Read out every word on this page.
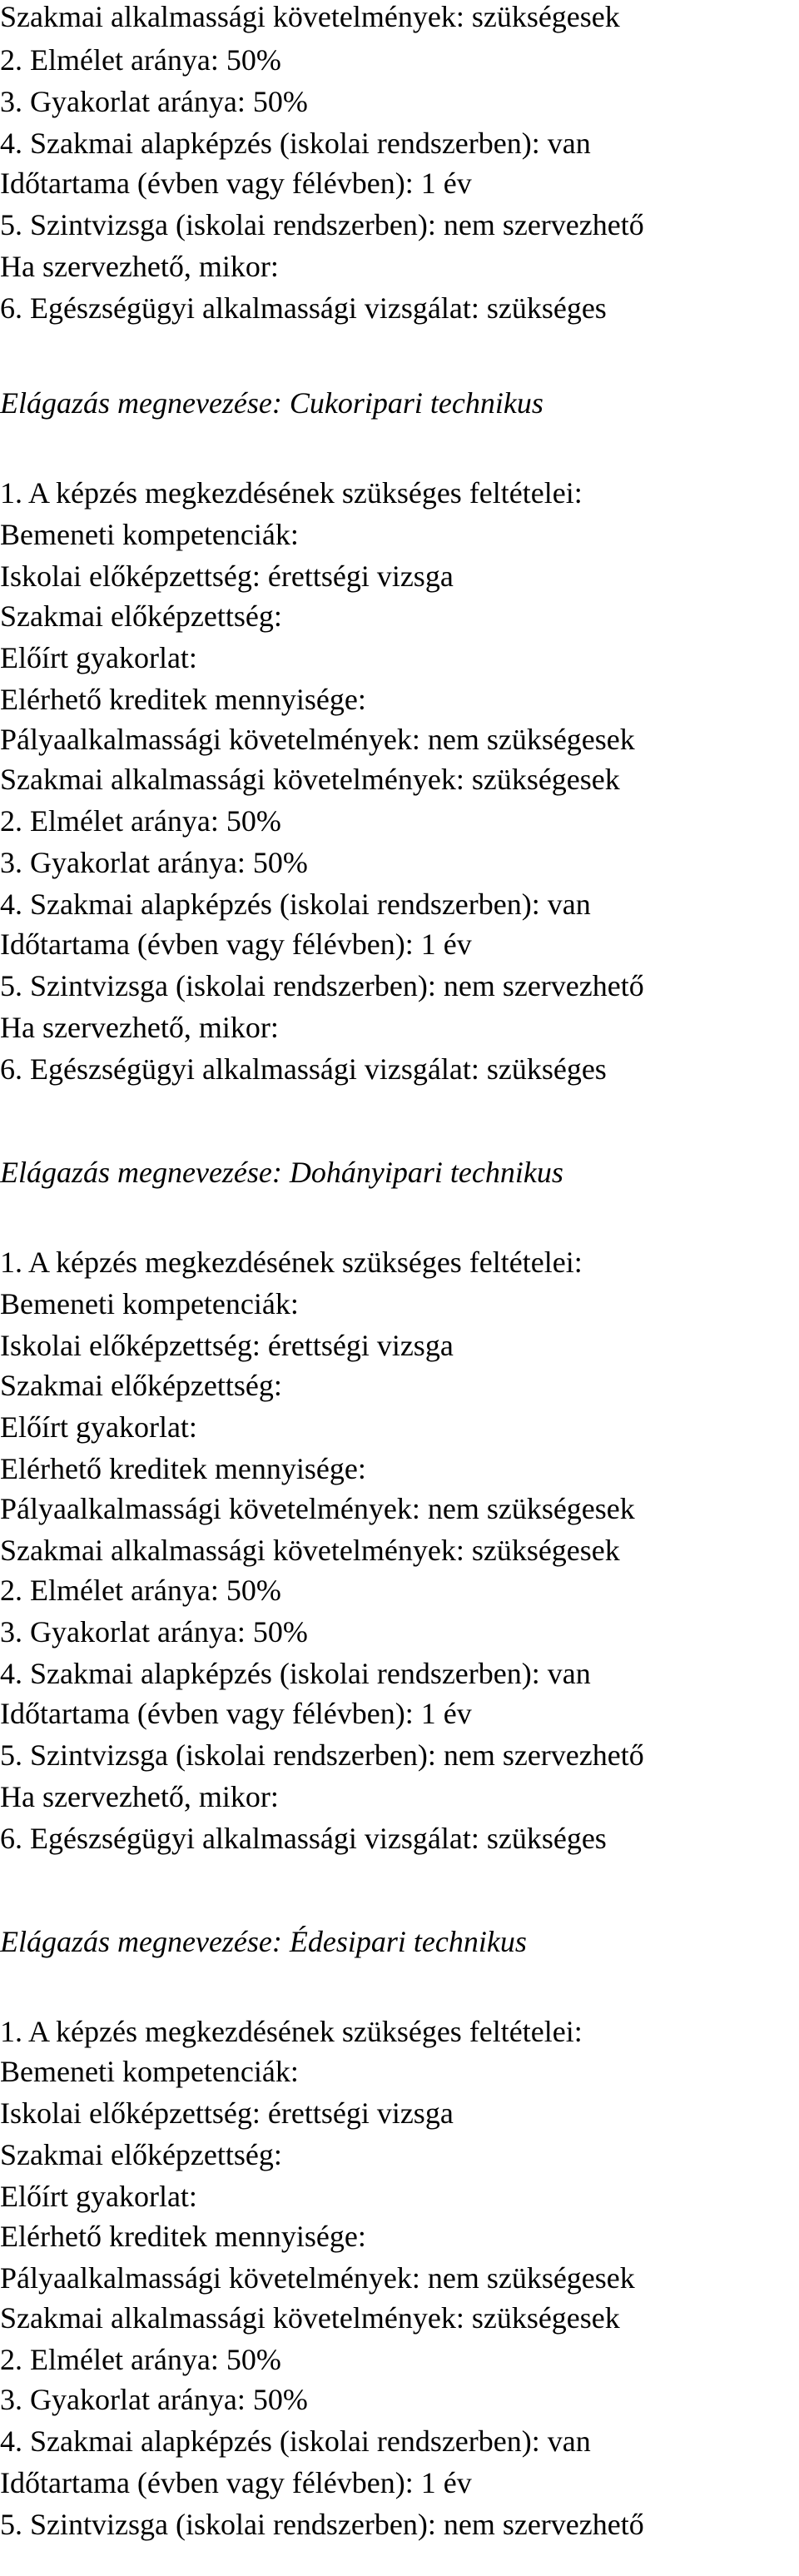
Szakmai alkalmassági követelmények: szükségesek
2. Elmélet aránya: 50%
3. Gyakorlat aránya: 50%
4. Szakmai alapképzés (iskolai rendszerben): van
Időtartama (évben vagy félévben): 1 év
5. Szintvizsga (iskolai rendszerben): nem szervezhető
Ha szervezhető, mikor:
6. Egészségügyi alkalmassági vizsgálat: szükséges
Elágazás megnevezése: Cukoripari technikus
1. A képzés megkezdésének szükséges feltételei:
Bemeneti kompetenciák:
Iskolai előképzettség: érettségi vizsga
Szakmai előképzettség:
Előírt gyakorlat:
Elérhető kreditek mennyisége:
Pályaalkalmassági követelmények: nem szükségesek
Szakmai alkalmassági követelmények: szükségesek
2. Elmélet aránya: 50%
3. Gyakorlat aránya: 50%
4. Szakmai alapképzés (iskolai rendszerben): van
Időtartama (évben vagy félévben): 1 év
5. Szintvizsga (iskolai rendszerben): nem szervezhető
Ha szervezhető, mikor:
6. Egészségügyi alkalmassági vizsgálat: szükséges
Elágazás megnevezése: Dohányipari technikus
1. A képzés megkezdésének szükséges feltételei:
Bemeneti kompetenciák:
Iskolai előképzettség: érettségi vizsga
Szakmai előképzettség:
Előírt gyakorlat:
Elérhető kreditek mennyisége:
Pályaalkalmassági követelmények: nem szükségesek
Szakmai alkalmassági követelmények: szükségesek
2. Elmélet aránya: 50%
3. Gyakorlat aránya: 50%
4. Szakmai alapképzés (iskolai rendszerben): van
Időtartama (évben vagy félévben): 1 év
5. Szintvizsga (iskolai rendszerben): nem szervezhető
Ha szervezhető, mikor:
6. Egészségügyi alkalmassági vizsgálat: szükséges
Elágazás megnevezése: Édesipari technikus
1. A képzés megkezdésének szükséges feltételei:
Bemeneti kompetenciák:
Iskolai előképzettség: érettségi vizsga
Szakmai előképzettség:
Előírt gyakorlat:
Elérhető kreditek mennyisége:
Pályaalkalmassági követelmények: nem szükségesek
Szakmai alkalmassági követelmények: szükségesek
2. Elmélet aránya: 50%
3. Gyakorlat aránya: 50%
4. Szakmai alapképzés (iskolai rendszerben): van
Időtartama (évben vagy félévben): 1 év
5. Szintvizsga (iskolai rendszerben): nem szervezhető
